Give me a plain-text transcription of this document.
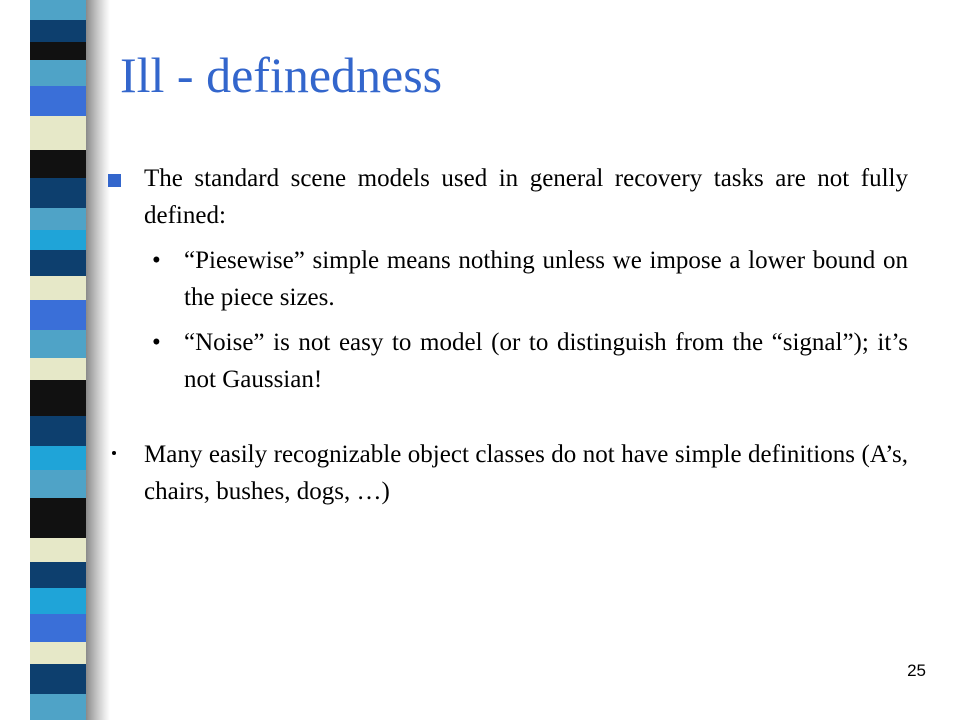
Ill - definedness
The standard scene models used in general recovery tasks are not fully defined:
• “Piesewise” simple means nothing unless we impose a lower bound on the piece sizes.
• “Noise” is not easy to model (or to distinguish from the “signal”); it’s not Gaussian!
Many easily recognizable object classes do not have simple definitions (A’s, chairs, bushes, dogs, …)
25
